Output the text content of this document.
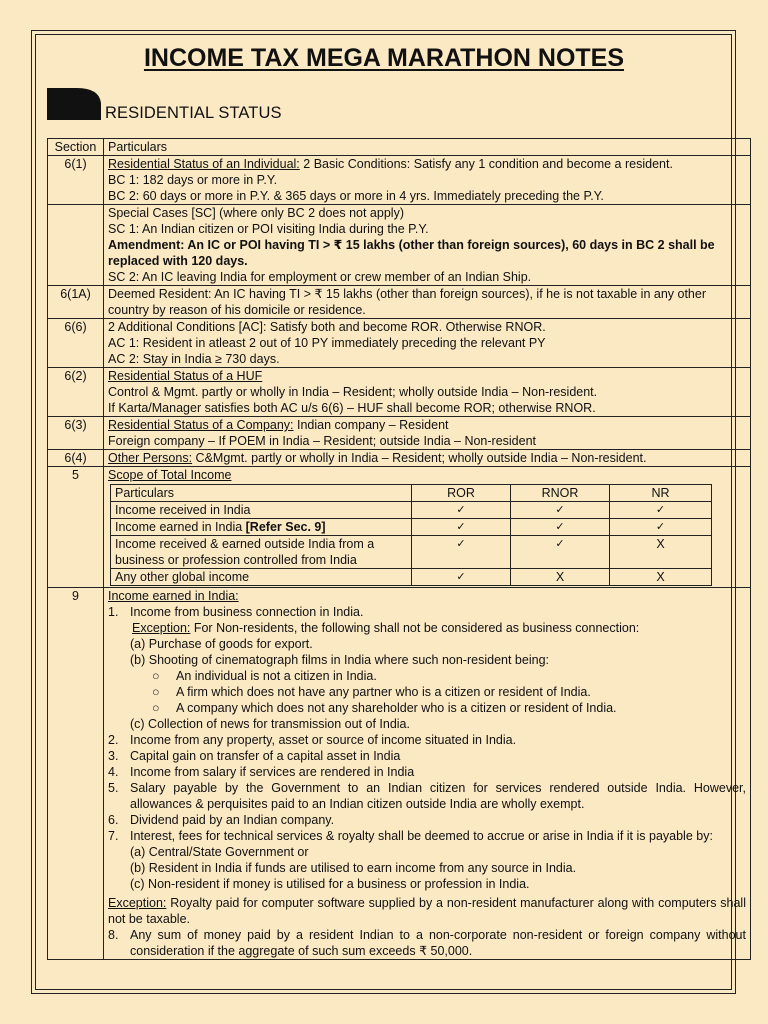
INCOME TAX MEGA MARATHON NOTES
RESIDENTIAL STATUS
Section	Particulars
6(1)	Residential Status of an Individual: 2 Basic Conditions: Satisfy any 1 condition and become a resident.
BC 1: 182 days or more in P.Y.
BC 2: 60 days or more in P.Y. & 365 days or more in 4 yrs. Immediately preceding the P.Y.

Special Cases [SC] (where only BC 2 does not apply)
SC 1: An Indian citizen or POI visiting India during the P.Y.
Amendment: An IC or POI having TI > ₹ 15 lakhs (other than foreign sources), 60 days in BC 2 shall be replaced with 120 days.
SC 2: An IC leaving India for employment or crew member of an Indian Ship.

6(1A)	Deemed Resident: An IC having TI > ₹ 15 lakhs (other than foreign sources), if he is not taxable in any other country by reason of his domicile or residence.
6(6)	2 Additional Conditions [AC]: Satisfy both and become ROR. Otherwise RNOR.
AC 1: Resident in atleast 2 out of 10 PY immediately preceding the relevant PY
AC 2: Stay in India ≥ 730 days.

6(2)	Residential Status of a HUF
Control & Mgmt. partly or wholly in India – Resident; wholly outside India – Non-resident.
If Karta/Manager satisfies both AC u/s 6(6) – HUF shall become ROR; otherwise RNOR.

6(3)	Residential Status of a Company: Indian company – Resident
Foreign company – If POEM in India – Resident; outside India – Non-resident

6(4)	Other Persons: C&Mgmt. partly or wholly in India – Resident; wholly outside India – Non-resident.

5	Scope of Total Income
Particulars	ROR	RNOR	NR
Income received in India	✓	✓	✓
Income earned in India [Refer Sec. 9]	✓	✓	✓
Income received & earned outside India from a business or profession controlled from India	✓	✓	X
Any other global income	✓	X	X

9	Income earned in India:
1. Income from business connection in India.
Exception: For Non-residents, the following shall not be considered as business connection:
(a) Purchase of goods for export.
(b) Shooting of cinematograph films in India where such non-resident being:
○	An individual is not a citizen in India.
○	A firm which does not have any partner who is a citizen or resident of India.
○	A company which does not any shareholder who is a citizen or resident of India.
(c) Collection of news for transmission out of India.
2. Income from any property, asset or source of income situated in India.
3. Capital gain on transfer of a capital asset in India
4. Income from salary if services are rendered in India
5. Salary payable by the Government to an Indian citizen for services rendered outside India. However, allowances & perquisites paid to an Indian citizen outside India are wholly exempt.
6. Dividend paid by an Indian company.
7. Interest, fees for technical services & royalty shall be deemed to accrue or arise in India if it is payable by:
(a) Central/State Government or
(b) Resident in India if funds are utilised to earn income from any source in India.
(c) Non-resident if money is utilised for a business or profession in India.
Exception: Royalty paid for computer software supplied by a non-resident manufacturer along with computers shall not be taxable.
8. Any sum of money paid by a resident Indian to a non-corporate non-resident or foreign company without consideration if the aggregate of such sum exceeds ₹ 50,000.
